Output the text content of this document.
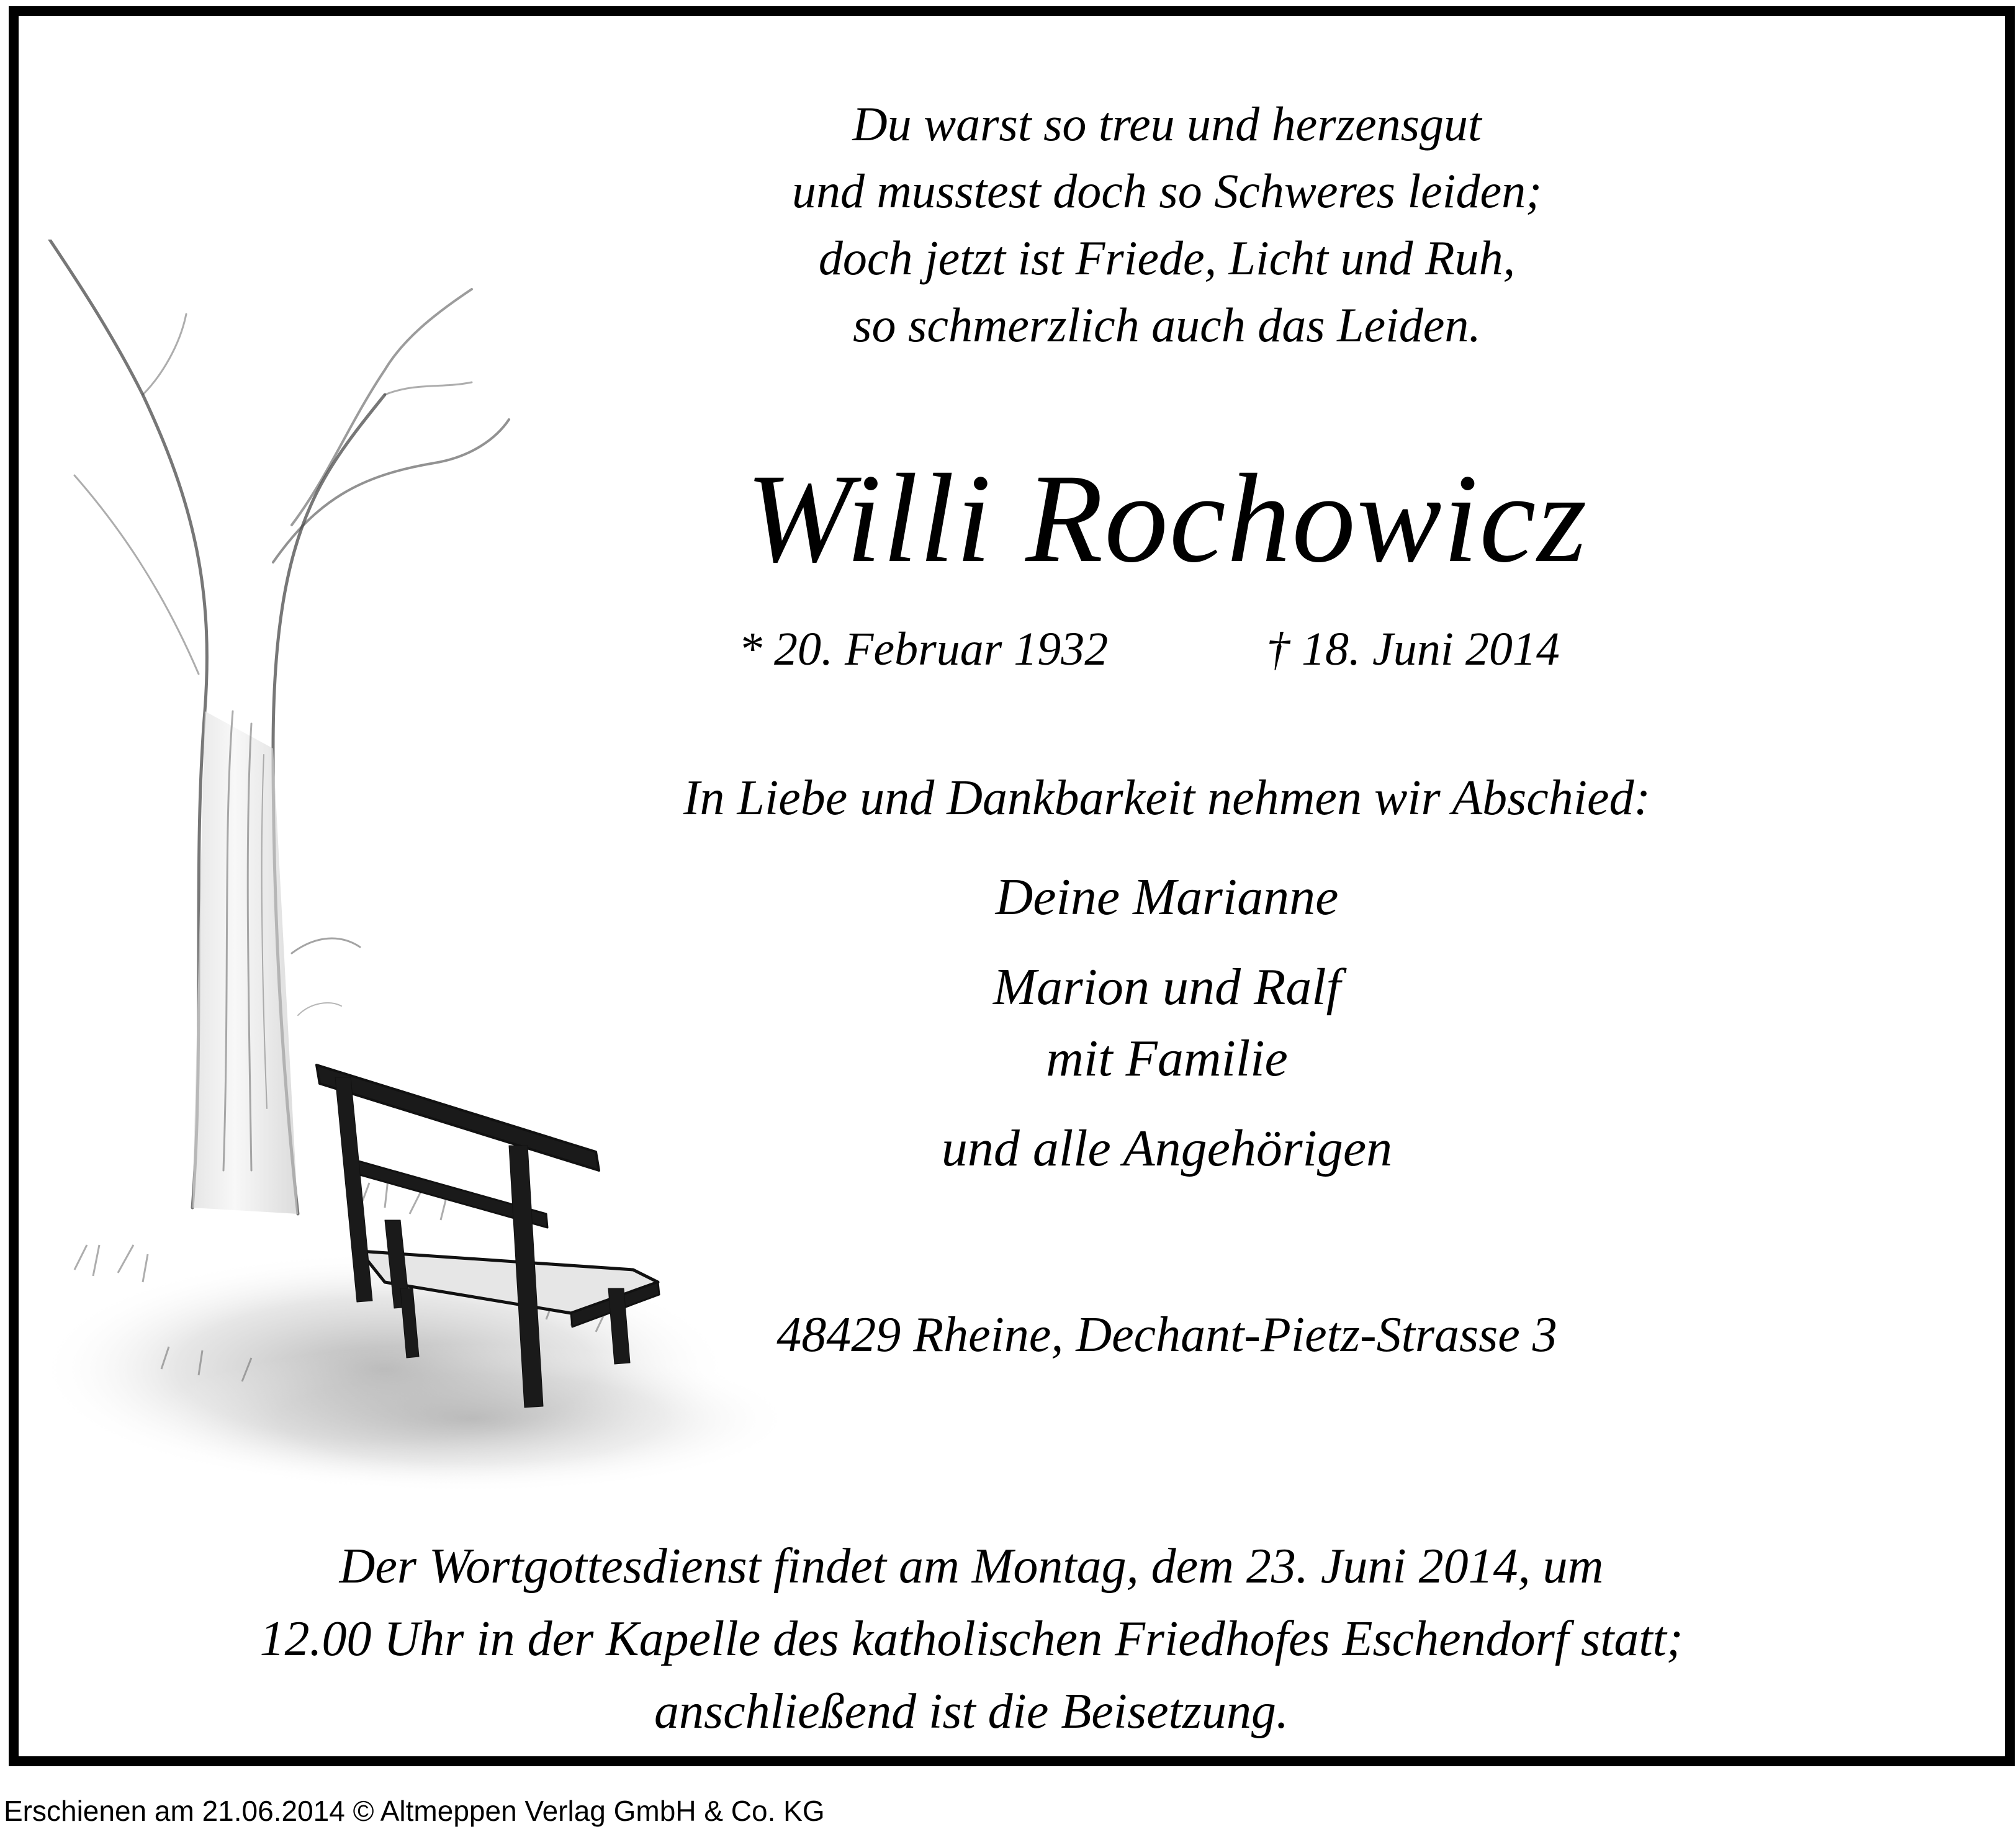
Du warst so treu und herzensgut
und musstest doch so Schweres leiden;
doch jetzt ist Friede, Licht und Ruh,
so schmerzlich auch das Leiden.
Willi Rochowicz
* 20. Februar 1932	† 18. Juni 2014
In Liebe und Dankbarkeit nehmen wir Abschied:
Deine Marianne
Marion und Ralf
mit Familie
und alle Angehörigen
48429 Rheine, Dechant-Pietz-Strasse 3
Der Wortgottesdienst findet am Montag, dem 23. Juni 2014, um
12.00 Uhr in der Kapelle des katholischen Friedhofes Eschendorf statt;
anschließend ist die Beisetzung.
Erschienen am 21.06.2014 © Altmeppen Verlag GmbH & Co. KG
